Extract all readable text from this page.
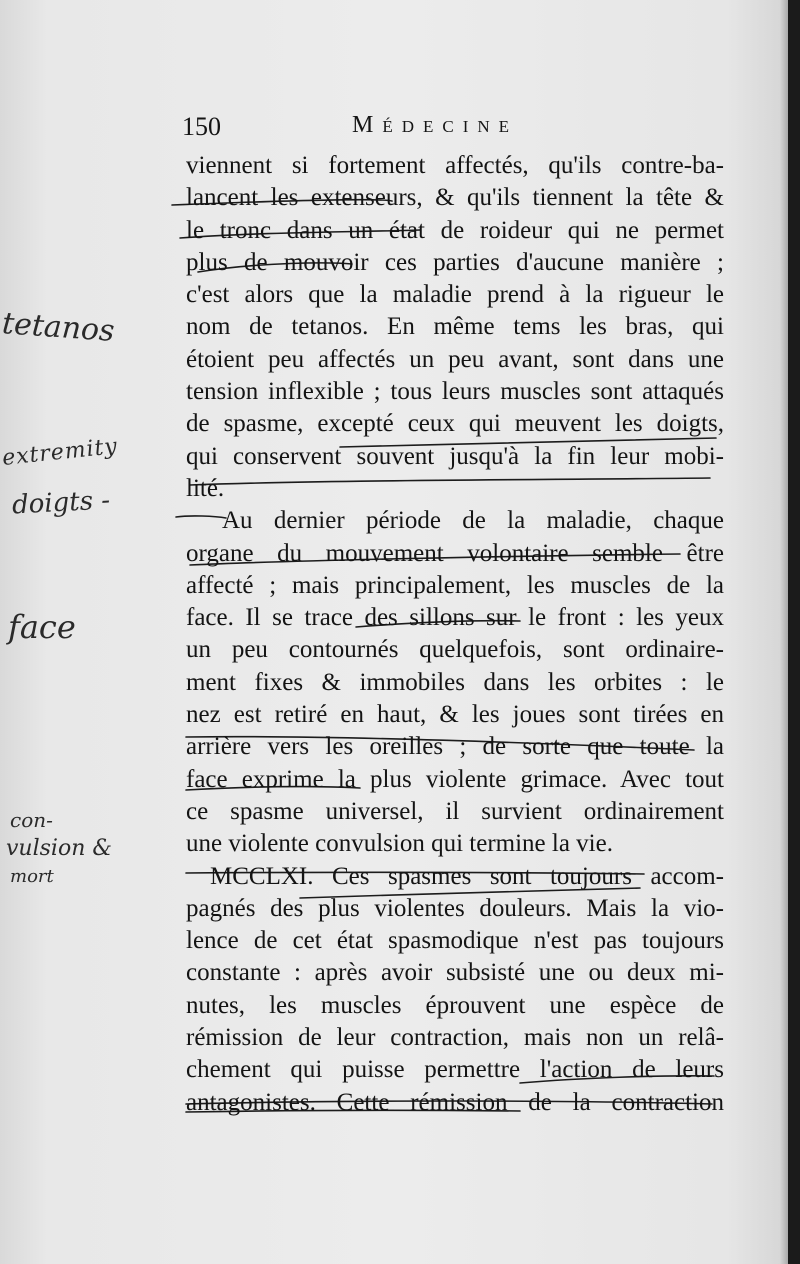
150	Médecine
viennent si fortement affectés, qu'ils contre-ba-
lancent les extenseurs, & qu'ils tiennent la tête &
le tronc dans un état de roideur qui ne permet
plus de mouvoir ces parties d'aucune manière ;
c'est alors que la maladie prend à la rigueur le
nom de tetanos. En même tems les bras, qui
étoient peu affectés un peu avant, sont dans une
tension inflexible ; tous leurs muscles sont attaqués
de spasme, excepté ceux qui meuvent les doigts,
qui conservent souvent jusqu'à la fin leur mobi-
lité.
Au dernier période de la maladie, chaque
organe du mouvement volontaire semble être
affecté ; mais principalement, les muscles de la
face. Il se trace des sillons sur le front : les yeux
un peu contournés quelquefois, sont ordinaire-
ment fixes & immobiles dans les orbites : le
nez est retiré en haut, & les joues sont tirées en
arrière vers les oreilles ; de sorte que toute la
face exprime la plus violente grimace. Avec tout
ce spasme universel, il survient ordinairement
une violente convulsion qui termine la vie.
MCCLXI. Ces spasmes sont toujours accom-
pagnés des plus violentes douleurs. Mais la vio-
lence de cet état spasmodique n'est pas toujours
constante : après avoir subsisté une ou deux mi-
nutes, les muscles éprouvent une espèce de
rémission de leur contraction, mais non un relâ-
chement qui puisse permettre l'action de leurs
antagonistes. Cette rémission de la contraction
tetanos
extremity
doigts -
face
con-
vulsion &
mort
